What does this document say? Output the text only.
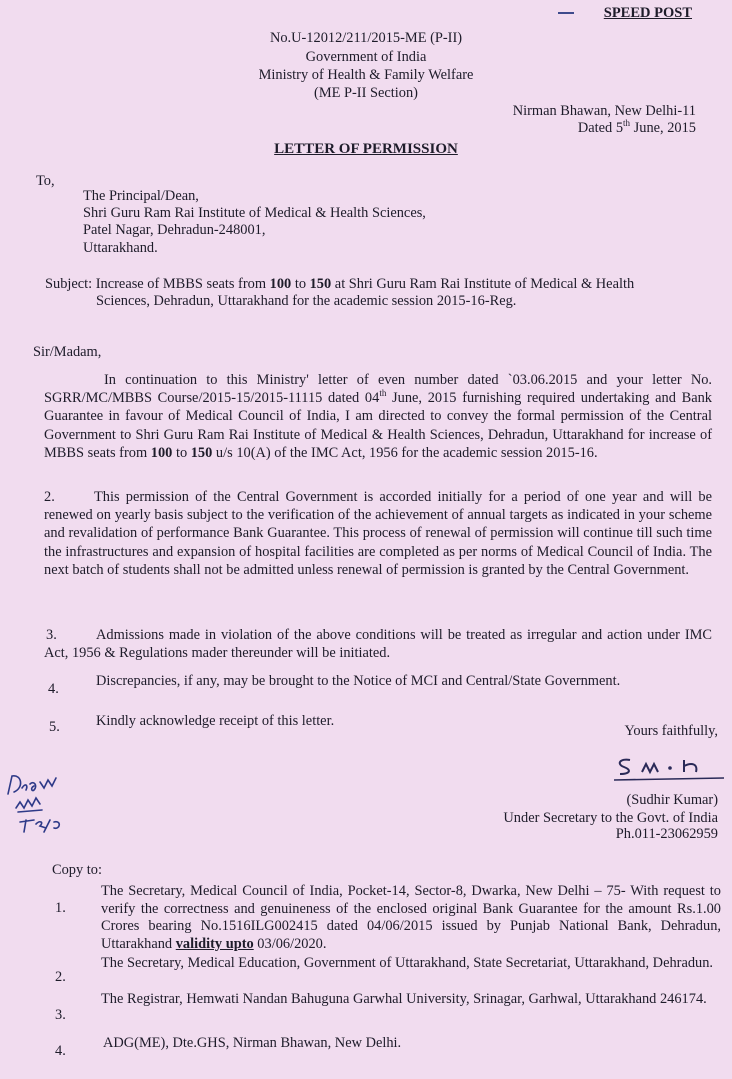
SPEED POST
No.U-12012/211/2015-ME (P-II)
Government of India
Ministry of Health & Family Welfare
(ME P-II Section)
Nirman Bhawan, New Delhi-11
Dated 5th June, 2015
LETTER OF PERMISSION
To,
The Principal/Dean,
Shri Guru Ram Rai Institute of Medical & Health Sciences,
Patel Nagar, Dehradun-248001,
Uttarakhand.
Subject: Increase of MBBS seats from 100 to 150 at Shri Guru Ram Rai Institute of Medical & Health
Sciences, Dehradun, Uttarakhand for the academic session 2015-16-Reg.
Sir/Madam,
In continuation to this Ministry' letter of even number dated `03.06.2015 and your letter No. SGRR/MC/MBBS Course/2015-15/2015-11115 dated 04th June, 2015 furnishing required undertaking and Bank Guarantee in favour of Medical Council of India, I am directed to convey the formal permission of the Central Government to Shri Guru Ram Rai Institute of Medical & Health Sciences, Dehradun, Uttarakhand for increase of MBBS seats from 100 to 150 u/s 10(A) of the IMC Act, 1956 for the academic session 2015-16.
2.	This permission of the Central Government is accorded initially for a period of one year and will be renewed on yearly basis subject to the verification of the achievement of annual targets as indicated in your scheme and revalidation of performance Bank Guarantee. This process of renewal of permission will continue till such time the infrastructures and expansion of hospital facilities are completed as per norms of Medical Council of India. The next batch of students shall not be admitted unless renewal of permission is granted by the Central Government.
3.	Admissions made in violation of the above conditions will be treated as irregular and action under IMC Act, 1956 & Regulations mader thereunder will be initiated.
4.	Discrepancies, if any, may be brought to the Notice of MCI and Central/State Government.
5.	Kindly acknowledge receipt of this letter.
Yours faithfully,
(Sudhir Kumar)
Under Secretary to the Govt. of India
Ph.011-23062959
Copy to:
1.
The Secretary, Medical Council of India, Pocket-14, Sector-8, Dwarka, New Delhi – 75- With request to verify the correctness and genuineness of the enclosed original Bank Guarantee for the amount Rs.1.00 Crores bearing No.1516ILG002415 dated 04/06/2015 issued by Punjab National Bank, Dehradun, Uttarakhand validity upto 03/06/2020.
2.
The Secretary, Medical Education, Government of Uttarakhand, State Secretariat, Uttarakhand, Dehradun.
3.
The Registrar, Hemwati Nandan Bahuguna Garwhal University, Srinagar, Garhwal, Uttarakhand 246174.
4.	ADG(ME), Dte.GHS, Nirman Bhawan, New Delhi.
